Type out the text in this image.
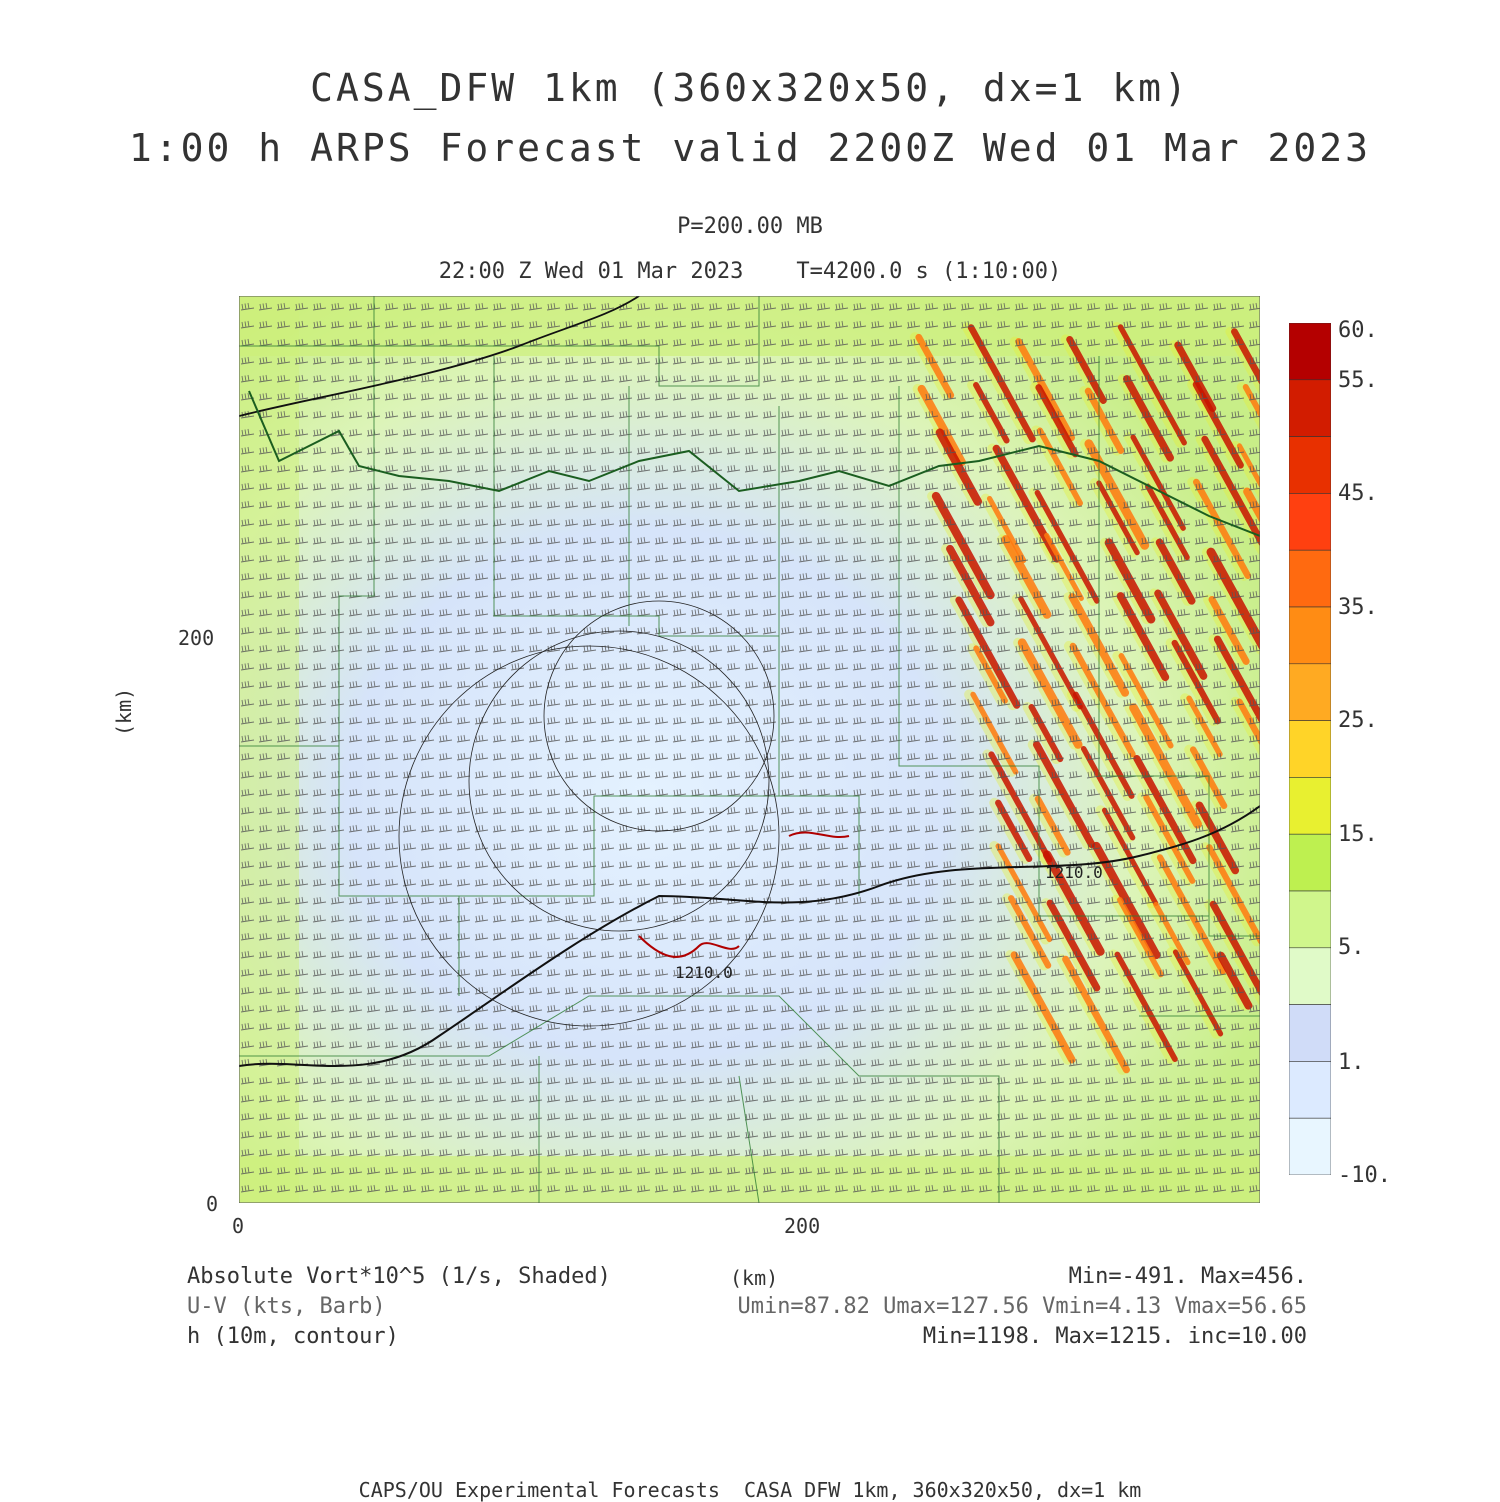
CASA_DFW 1km (360x320x50, dx=1 km)
1:00 h ARPS Forecast valid 2200Z Wed 01 Mar 2023
P=200.00 MB
22:00 Z Wed 01 Mar 2023    T=4200.0 s (1:10:00)
1210.0
1210.0
200
0
0	200
(km)
60.
55.
45.
35.
25.
15.
5.
1.
-10.
Absolute Vort*10^5 (1/s, Shaded)	(km)	Min=-491. Max=456.
U-V (kts, Barb)	Umin=87.82 Umax=127.56 Vmin=4.13 Vmax=56.65
h (10m, contour)	Min=1198. Max=1215. inc=10.00
CAPS/OU Experimental Forecasts  CASA DFW 1km, 360x320x50, dx=1 km
